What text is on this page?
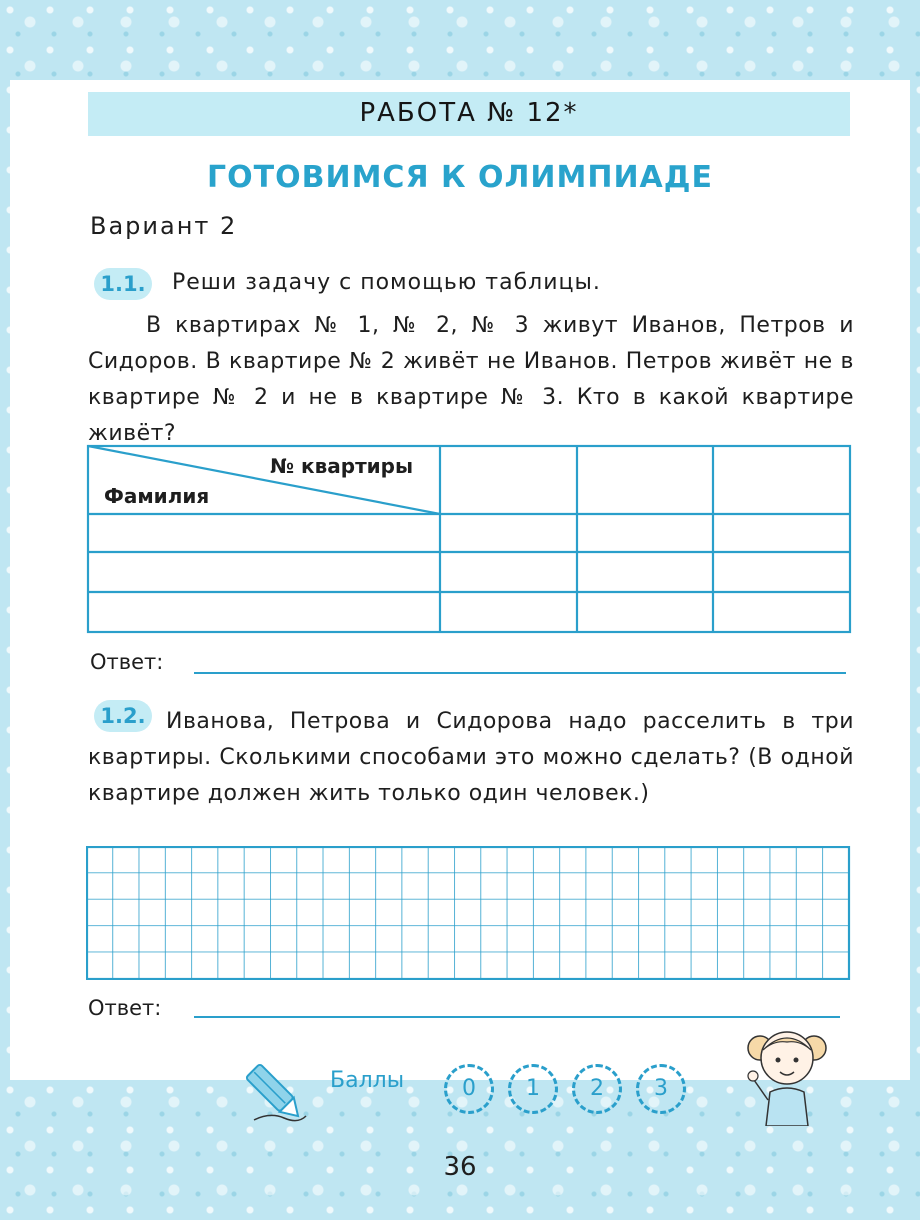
РАБОТА № 12*
ГОТОВИМСЯ К ОЛИМПИАДЕ
Вариант 2
1.1. Реши задачу с помощью таблицы.
В квартирах № 1, № 2, № 3 живут Иванов, Петров и Сидоров. В квартире № 2 живёт не Иванов. Петров живёт не в квартире № 2 и не в квартире № 3. Кто в какой квартире живёт?
№ квартиры
Фамилия
Ответ:
1.2. Иванова, Петрова и Сидорова надо расселить в три квартиры. Сколькими способами это можно сделать? (В одной квартире должен жить только один человек.)
Ответ:
Баллы	0	1	2	3
36
